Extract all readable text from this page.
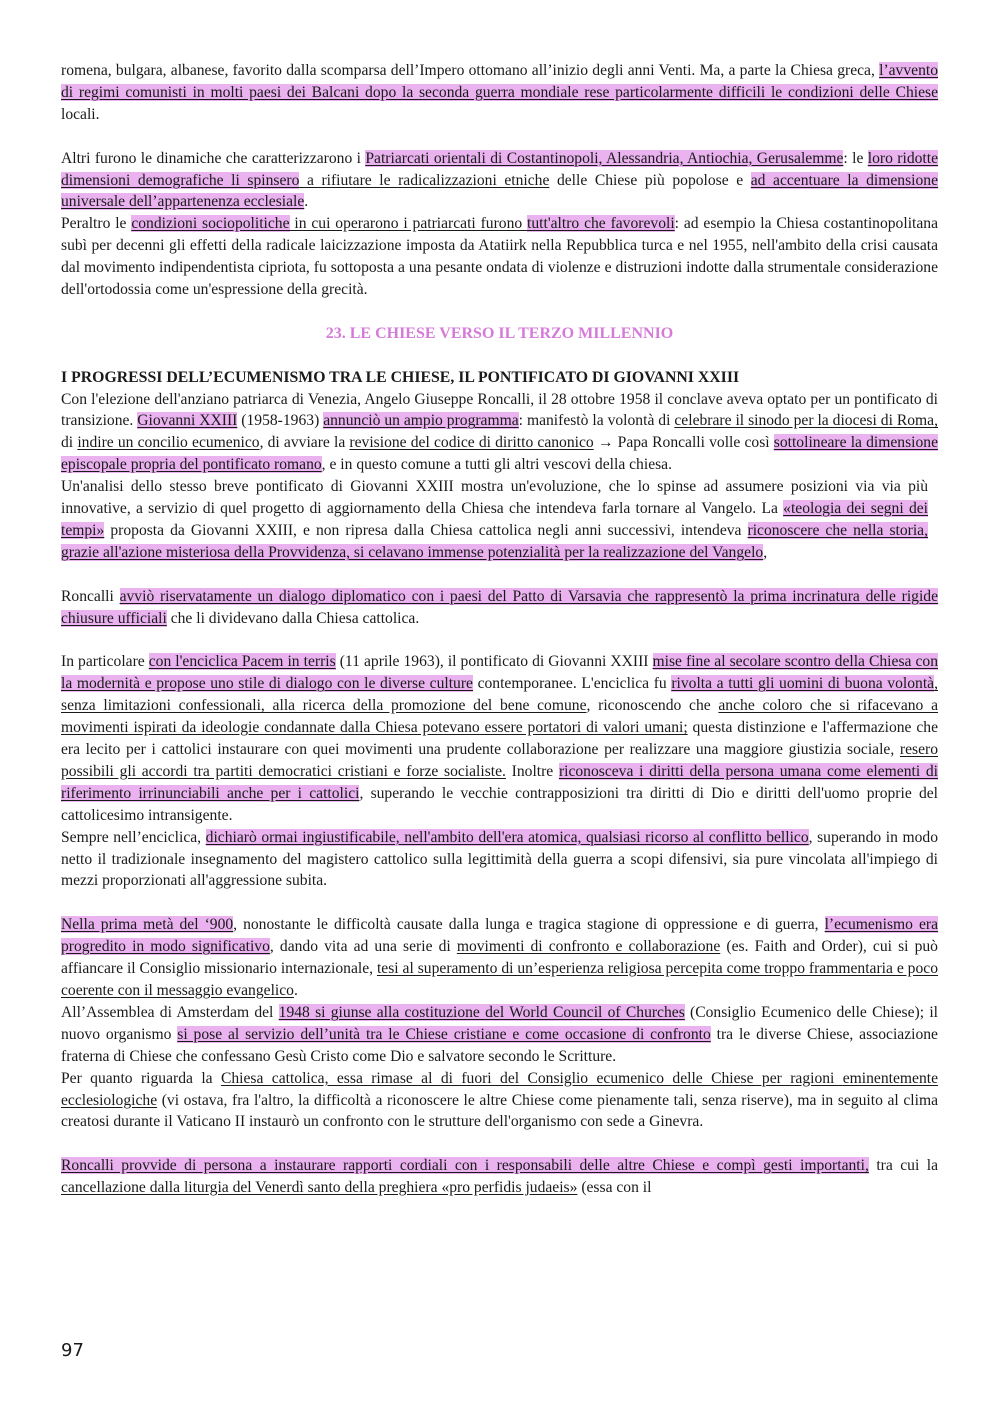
romena, bulgara, albanese, favorito dalla scomparsa dell’Impero ottomano all’inizio degli anni Venti. Ma, a parte la Chiesa greca, l’avvento di regimi comunisti in molti paesi dei Balcani dopo la seconda guerra mondiale rese particolarmente difficili le condizioni delle Chiese locali.

Altri furono le dinamiche che caratterizzarono i Patriarcati orientali di Costantinopoli, Alessandria, Antiochia, Gerusalemme: le loro ridotte dimensioni demografiche li spinsero a rifiutare le radicalizzazioni etniche delle Chiese più popolose e ad accentuare la dimensione universale dell’appartenenza ecclesiale.

Peraltro le condizioni sociopolitiche in cui operarono i patriarcati furono tutt'altro che favorevoli: ad esempio la Chiesa costantinopolitana subì per decenni gli effetti della radicale laicizzazione imposta da Atatiirk nella Repubblica turca e nel 1955, nell'ambito della crisi causata dal movimento indipendentista cipriota, fu sottoposta a una pesante ondata di violenze e distruzioni indotte dalla strumentale considerazione dell'ortodossia come un'espressione della grecità.

23. LE CHIESE VERSO IL TERZO MILLENNIO

I PROGRESSI DELL’ECUMENISMO TRA LE CHIESE, IL PONTIFICATO DI GIOVANNI XXIII

Con l'elezione dell'anziano patriarca di Venezia, Angelo Giuseppe Roncalli, il 28 ottobre 1958 il conclave aveva optato per un pontificato di transizione. Giovanni XXIII (1958-1963) annunciò un ampio programma: manifestò la volontà di celebrare il sinodo per la diocesi di Roma, di indire un concilio ecumenico, di avviare la revisione del codice di diritto canonico → Papa Roncalli volle così sottolineare la dimensione episcopale propria del pontificato romano, e in questo comune a tutti gli altri vescovi della chiesa.

Un'analisi dello stesso breve pontificato di Giovanni XXIII mostra un'evoluzione, che lo spinse ad assumere posizioni via via più innovative, a servizio di quel progetto di aggiornamento della Chiesa che intendeva farla tornare al Vangelo. La «teologia dei segni dei tempi» proposta da Giovanni XXIII, e non ripresa dalla Chiesa cattolica negli anni successivi, intendeva riconoscere che nella storia, grazie all'azione misteriosa della Provvidenza, si celavano immense potenzialità per la realizzazione del Vangelo,

Roncalli avviò riservatamente un dialogo diplomatico con i paesi del Patto di Varsavia che rappresentò la prima incrinatura delle rigide chiusure ufficiali che li dividevano dalla Chiesa cattolica.

In particolare con l'enciclica Pacem in terris (11 aprile 1963), il pontificato di Giovanni XXIII mise fine al secolare scontro della Chiesa con la modernità e propose uno stile di dialogo con le diverse culture contemporanee. L'enciclica fu rivolta a tutti gli uomini di buona volontà, senza limitazioni confessionali, alla ricerca della promozione del bene comune, riconoscendo che anche coloro che si rifacevano a movimenti ispirati da ideologie condannate dalla Chiesa potevano essere portatori di valori umani; questa distinzione e l'affermazione che era lecito per i cattolici instaurare con quei movimenti una prudente collaborazione per realizzare una maggiore giustizia sociale, resero possibili gli accordi tra partiti democratici cristiani e forze socialiste. Inoltre riconosceva i diritti della persona umana come elementi di riferimento irrinunciabili anche per i cattolici, superando le vecchie contrapposizioni tra diritti di Dio e diritti dell'uomo proprie del cattolicesimo intransigente.

Sempre nell’enciclica, dichiarò ormai ingiustificabile, nell'ambito dell'era atomica, qualsiasi ricorso al conflitto bellico, superando in modo netto il tradizionale insegnamento del magistero cattolico sulla legittimità della guerra a scopi difensivi, sia pure vincolata all'impiego di mezzi proporzionati all'aggressione subita.

Nella prima metà del ‘900, nonostante le difficoltà causate dalla lunga e tragica stagione di oppressione e di guerra, l’ecumenismo era progredito in modo significativo, dando vita ad una serie di movimenti di confronto e collaborazione (es. Faith and Order), cui si può affiancare il Consiglio missionario internazionale, tesi al superamento di un’esperienza religiosa percepita come troppo frammentaria e poco coerente con il messaggio evangelico.

All’Assemblea di Amsterdam del 1948 si giunse alla costituzione del World Council of Churches (Consiglio Ecumenico delle Chiese); il nuovo organismo si pose al servizio dell’unità tra le Chiese cristiane e come occasione di confronto tra le diverse Chiese, associazione fraterna di Chiese che confessano Gesù Cristo come Dio e salvatore secondo le Scritture.

Per quanto riguarda la Chiesa cattolica, essa rimase al di fuori del Consiglio ecumenico delle Chiese per ragioni eminentemente ecclesiologiche (vi ostava, fra l'altro, la difficoltà a riconoscere le altre Chiese come pienamente tali, senza riserve), ma in seguito al clima creatosi durante il Vaticano II instaurò un confronto con le strutture dell'organismo con sede a Ginevra.

Roncalli provvide di persona a instaurare rapporti cordiali con i responsabili delle altre Chiese e compì gesti importanti, tra cui la cancellazione dalla liturgia del Venerdì santo della preghiera «pro perfidis judaeis» (essa con il

97
